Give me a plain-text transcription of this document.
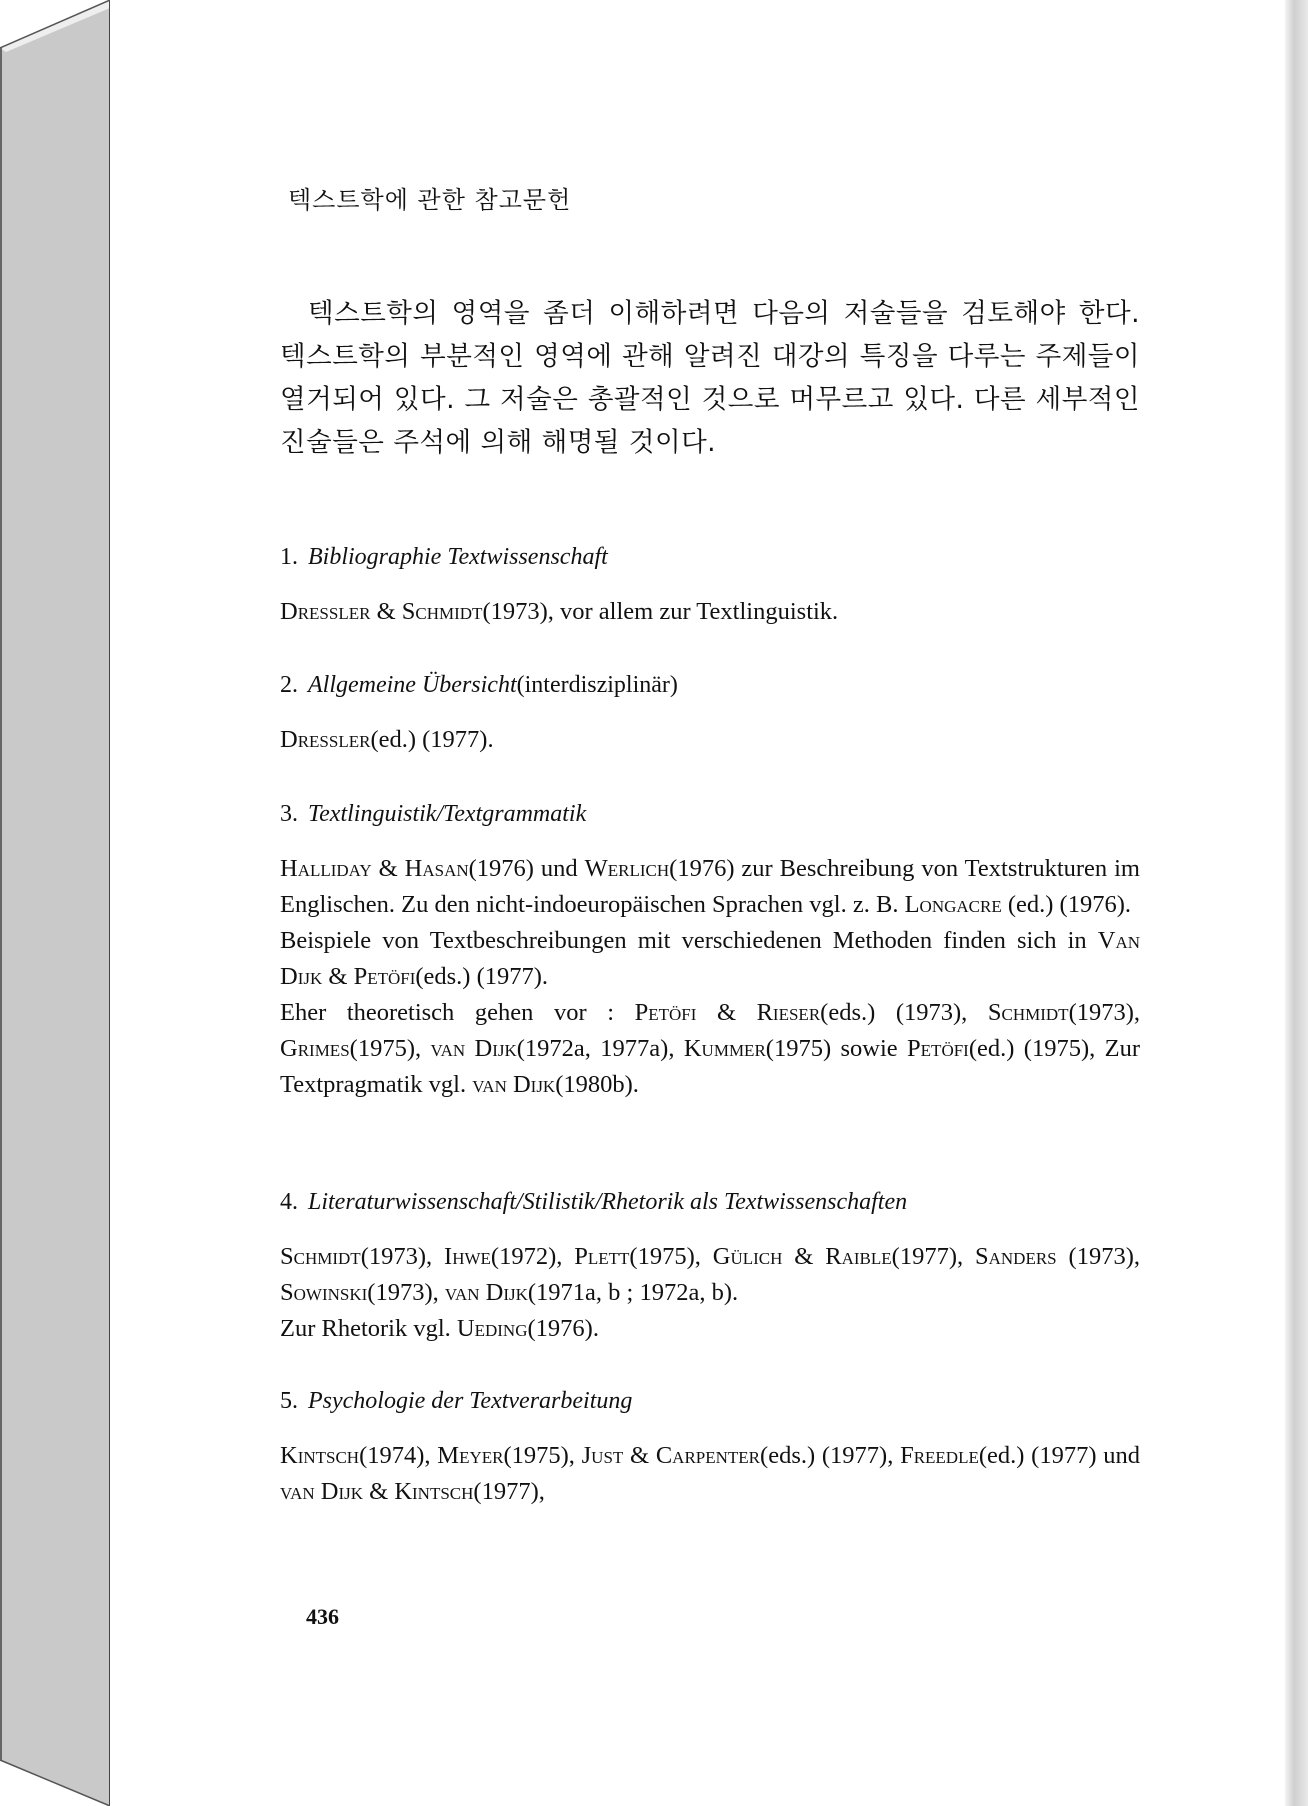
텍스트학에 관한 참고문헌

텍스트학의 영역을 좀더 이해하려면 다음의 저술들을 검토해야 한다. 텍스트학의 부분적인 영역에 관해 알려진 대강의 특징을 다루는 주제들이 열거되어 있다. 그 저술은 총괄적인 것으로 머무르고 있다. 다른 세부적인 진술들은 주석에 의해 해명될 것이다.

1. Bibliographie Textwissenschaft

Dressler & Schmidt(1973), vor allem zur Textlinguistik.

2. Allgemeine Übersicht(interdisziplinär)

Dressler(ed.) (1977).

3. Textlinguistik/Textgrammatik

Halliday & Hasan(1976) und Werlich(1976) zur Beschreibung von Textstrukturen im Englischen. Zu den nicht-indoeuropäischen Sprachen vgl. z. B. Longacre (ed.) (1976).

Beispiele von Textbeschreibungen mit verschiedenen Methoden finden sich in Van Dijk & Petöfi(eds.) (1977).

Eher theoretisch gehen vor : Petöfi & Rieser(eds.) (1973), Schmidt(1973), Grimes(1975), van Dijk(1972a, 1977a), Kummer(1975) sowie Petöfi(ed.) (1975), Zur Textpragmatik vgl. van Dijk(1980b).

4. Literaturwissenschaft/Stilistik/Rhetorik als Textwissenschaften

Schmidt(1973), Ihwe(1972), Plett(1975), Gülich & Raible(1977), Sanders (1973), Sowinski(1973), van Dijk(1971a, b ; 1972a, b).

Zur Rhetorik vgl. Ueding(1976).

5. Psychologie der Textverarbeitung

Kintsch(1974), Meyer(1975), Just & Carpenter(eds.) (1977), Freedle(ed.) (1977) und van Dijk & Kintsch(1977),

436
